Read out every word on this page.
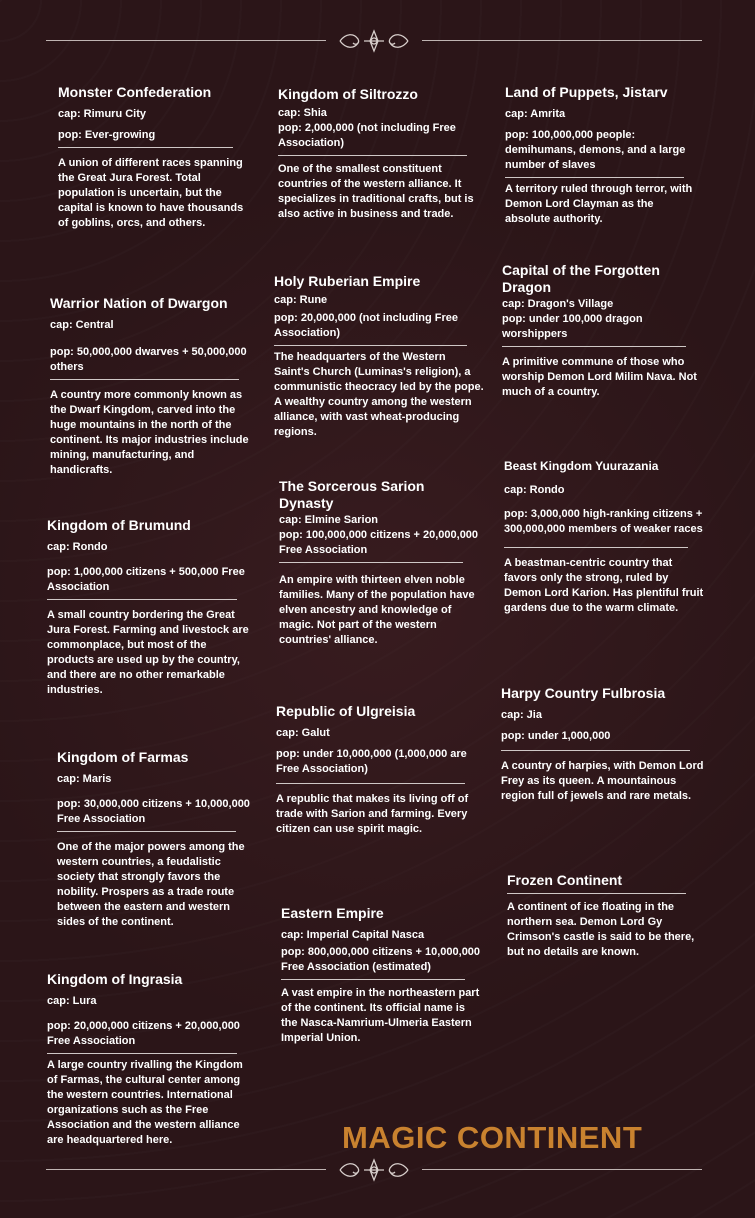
Monster Confederation
cap: Rimuru City
pop: Ever-growing
A union of different races spanning the Great Jura Forest. Total population is uncertain, but the capital is known to have thousands of goblins, orcs, and others.
Warrior Nation of Dwargon
cap: Central
pop: 50,000,000 dwarves + 50,000,000 others
A country more commonly known as the Dwarf Kingdom, carved into the huge mountains in the north of the continent. Its major industries include mining, manufacturing, and handicrafts.
Kingdom of Brumund
cap: Rondo
pop: 1,000,000 citizens + 500,000 Free Association
A small country bordering the Great Jura Forest. Farming and livestock are commonplace, but most of the products are used up by the country, and there are no other remarkable industries.
Kingdom of Farmas
cap: Maris
pop: 30,000,000 citizens + 10,000,000 Free Association
One of the major powers among the western countries, a feudalistic society that strongly favors the nobility. Prospers as a trade route between the eastern and western sides of the continent.
Kingdom of Ingrasia
cap: Lura
pop: 20,000,000 citizens + 20,000,000 Free Association
A large country rivalling the Kingdom of Farmas, the cultural center among the western countries. International organizations such as the Free Association and the western alliance are headquartered here.
Kingdom of Siltrozzo
cap: Shia
pop: 2,000,000 (not including Free Association)
One of the smallest constituent countries of the western alliance. It specializes in traditional crafts, but is also active in business and trade.
Holy Ruberian Empire
cap: Rune
pop: 20,000,000 (not including Free Association)
The headquarters of the Western Saint's Church (Luminas's religion), a communistic theocracy led by the pope. A wealthy country among the western alliance, with vast wheat-producing regions.
The Sorcerous Sarion Dynasty
cap: Elmine Sarion
pop: 100,000,000 citizens + 20,000,000 Free Association
An empire with thirteen elven noble families. Many of the population have elven ancestry and knowledge of magic. Not part of the western countries' alliance.
Republic of Ulgreisia
cap: Galut
pop: under 10,000,000 (1,000,000 are Free Association)
A republic that makes its living off of trade with Sarion and farming. Every citizen can use spirit magic.
Eastern Empire
cap: Imperial Capital Nasca
pop: 800,000,000 citizens + 10,000,000 Free Association (estimated)
A vast empire in the northeastern part of the continent. Its official name is the Nasca-Namrium-Ulmeria Eastern Imperial Union.
Land of Puppets, Jistarv
cap: Amrita
pop: 100,000,000 people: demihumans, demons, and a large number of slaves
A territory ruled through terror, with Demon Lord Clayman as the absolute authority.
Capital of the Forgotten Dragon
cap: Dragon's Village
pop: under 100,000 dragon worshippers
A primitive commune of those who worship Demon Lord Milim Nava. Not much of a country.
Beast Kingdom Yuurazania
cap: Rondo
pop: 3,000,000 high-ranking citizens + 300,000,000 members of weaker races
A beastman-centric country that favors only the strong, ruled by Demon Lord Karion. Has plentiful fruit gardens due to the warm climate.
Harpy Country Fulbrosia
cap: Jia
pop: under 1,000,000
A country of harpies, with Demon Lord Frey as its queen. A mountainous region full of jewels and rare metals.
Frozen Continent
A continent of ice floating in the northern sea. Demon Lord Gy Crimson's castle is said to be there, but no details are known.
MAGIC CONTINENT
